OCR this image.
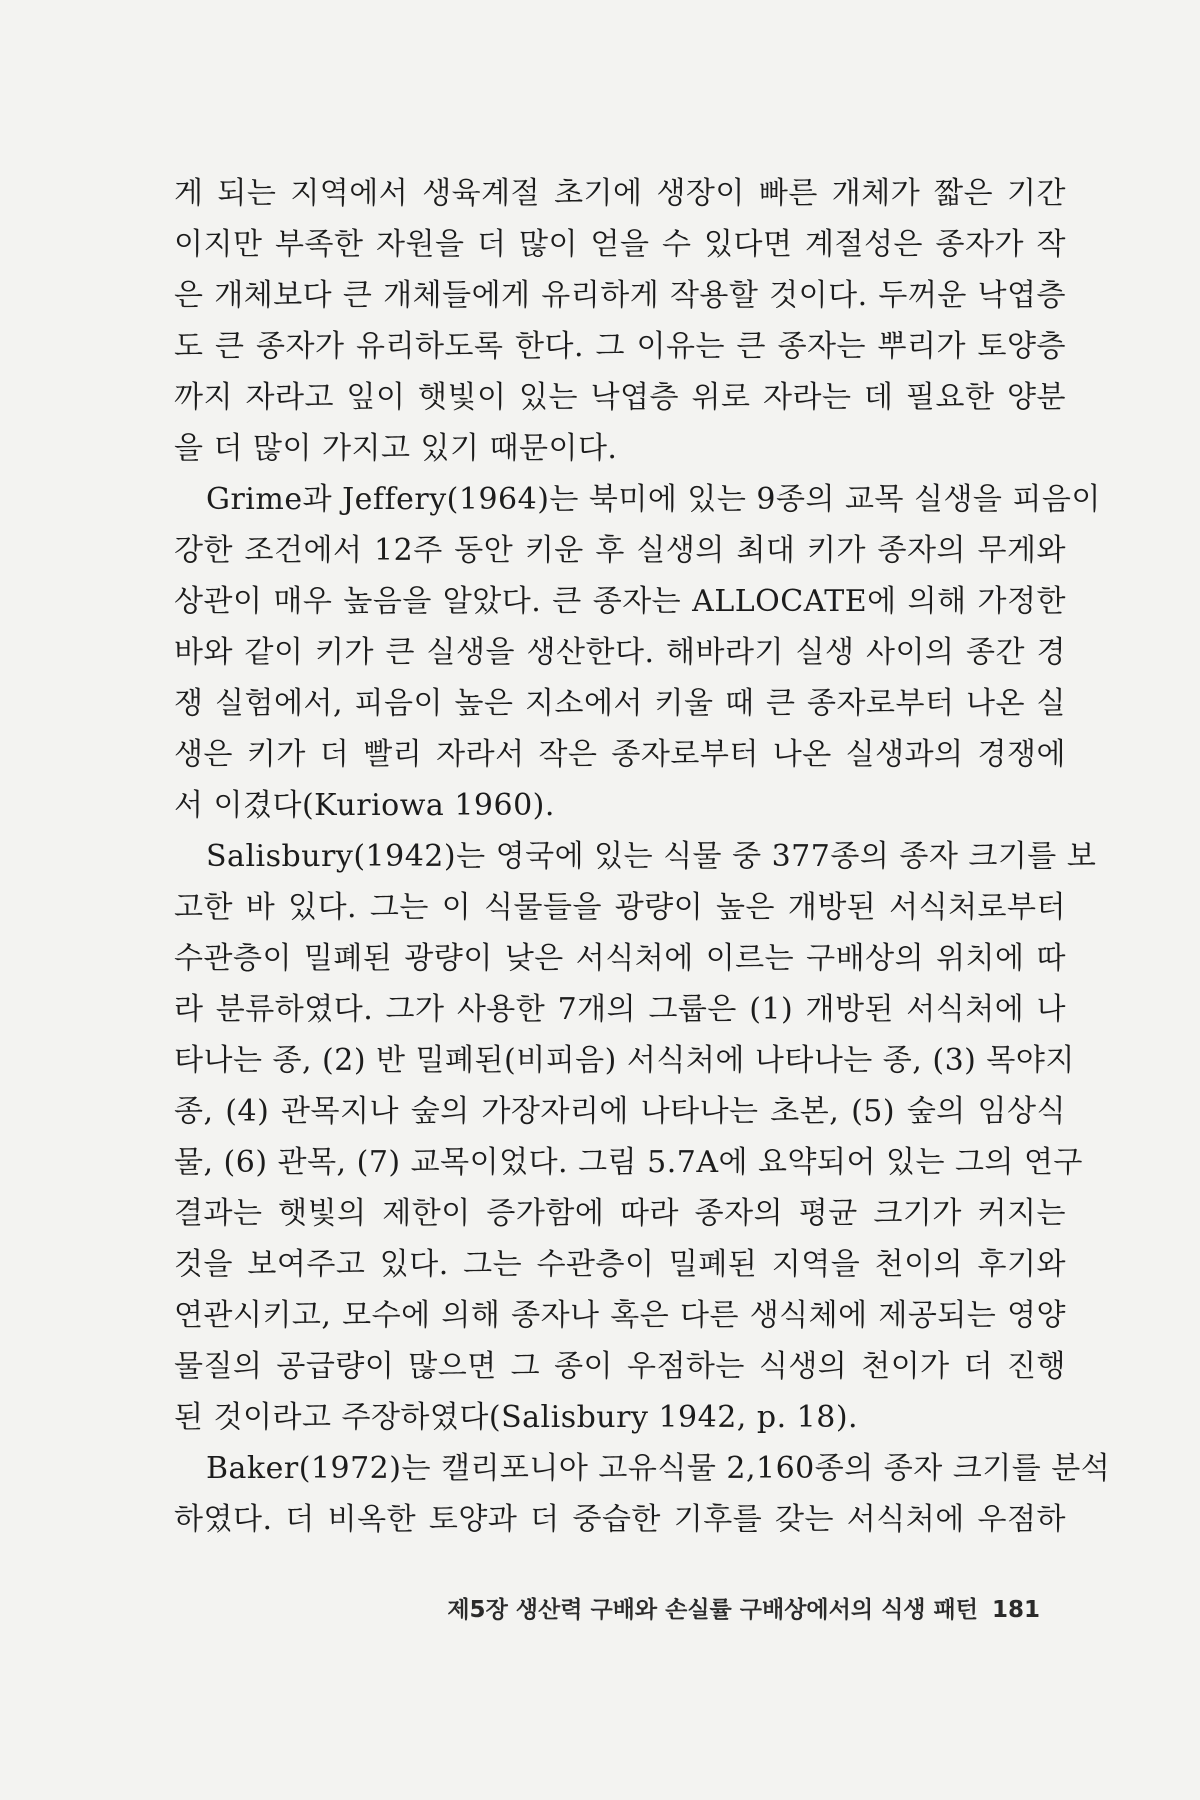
게 되는 지역에서 생육계절 초기에 생장이 빠른 개체가 짧은 기간
이지만 부족한 자원을 더 많이 얻을 수 있다면 계절성은 종자가 작
은 개체보다 큰 개체들에게 유리하게 작용할 것이다. 두꺼운 낙엽층
도 큰 종자가 유리하도록 한다. 그 이유는 큰 종자는 뿌리가 토양층
까지 자라고 잎이 햇빛이 있는 낙엽층 위로 자라는 데 필요한 양분
을 더 많이 가지고 있기 때문이다.
Grime과 Jeffery(1964)는 북미에 있는 9종의 교목 실생을 피음이
강한 조건에서 12주 동안 키운 후 실생의 최대 키가 종자의 무게와
상관이 매우 높음을 알았다. 큰 종자는 ALLOCATE에 의해 가정한
바와 같이 키가 큰 실생을 생산한다. 해바라기 실생 사이의 종간 경
쟁 실험에서, 피음이 높은 지소에서 키울 때 큰 종자로부터 나온 실
생은 키가 더 빨리 자라서 작은 종자로부터 나온 실생과의 경쟁에
서 이겼다(Kuriowa 1960).
Salisbury(1942)는 영국에 있는 식물 중 377종의 종자 크기를 보
고한 바 있다. 그는 이 식물들을 광량이 높은 개방된 서식처로부터
수관층이 밀폐된 광량이 낮은 서식처에 이르는 구배상의 위치에 따
라 분류하였다. 그가 사용한 7개의 그룹은 (1) 개방된 서식처에 나
타나는 종, (2) 반 밀폐된(비피음) 서식처에 나타나는 종, (3) 목야지
종, (4) 관목지나 숲의 가장자리에 나타나는 초본, (5) 숲의 임상식
물, (6) 관목, (7) 교목이었다. 그림 5.7A에 요약되어 있는 그의 연구
결과는 햇빛의 제한이 증가함에 따라 종자의 평균 크기가 커지는
것을 보여주고 있다. 그는 수관층이 밀폐된 지역을 천이의 후기와
연관시키고, 모수에 의해 종자나 혹은 다른 생식체에 제공되는 영양
물질의 공급량이 많으면 그 종이 우점하는 식생의 천이가 더 진행
된 것이라고 주장하였다(Salisbury 1942, p. 18).
Baker(1972)는 캘리포니아 고유식물 2,160종의 종자 크기를 분석
하였다. 더 비옥한 토양과 더 중습한 기후를 갖는 서식처에 우점하
제5장 생산력 구배와 손실률 구배상에서의 식생 패턴 181
